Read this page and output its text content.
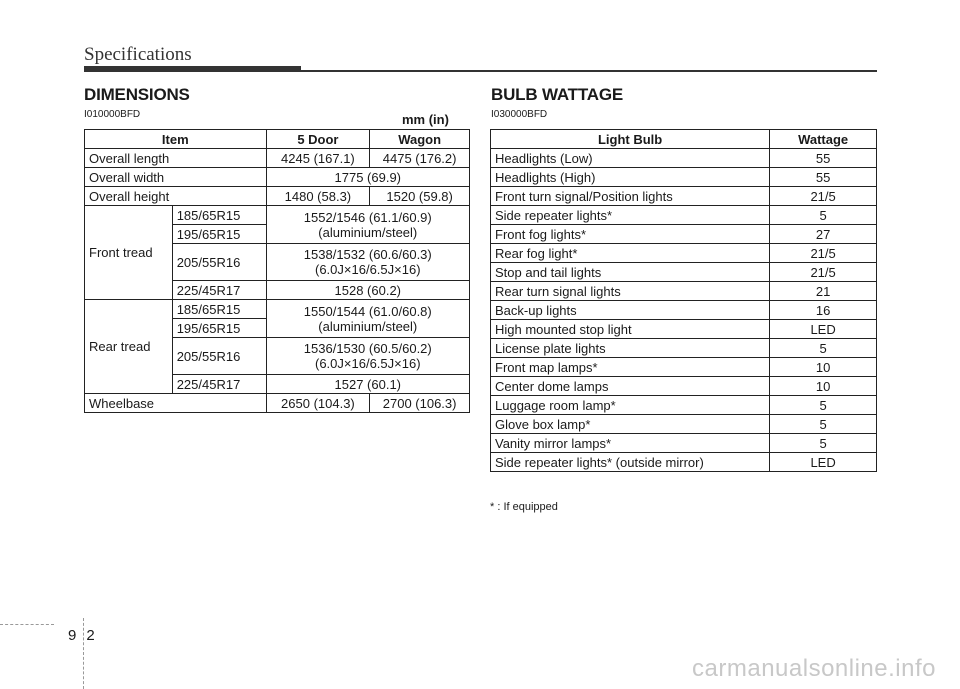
Specifications
DIMENSIONS
I010000BFD	mm (in)
Item		5 Door	Wagon
Overall length		4245 (167.1)	4475 (176.2)
Overall width		1775 (69.9)	
Overall height		1480 (58.3)	1520 (59.8)
Front tread	185/65R15	1552/1546 (61.1/60.9)
(aluminium/steel)	

	195/65R15		
	205/55R16	1538/1532 (60.6/60.3)
(6.0J×16/6.5J×16)	

	225/45R17	1528 (60.2)	
Rear tread	185/65R15	1550/1544 (61.0/60.8)
(aluminium/steel)	

	195/65R15		
	205/55R16	1536/1530 (60.5/60.2)
(6.0J×16/6.5J×16)	

	225/45R17	1527 (60.1)	
Wheelbase		2650 (104.3)	2700 (106.3)
BULB WATTAGE
I030000BFD
Light Bulb	Wattage
Headlights (Low)	55
Headlights (High)	55
Front turn signal/Position lights	21/5
Side repeater lights*	5
Front fog lights*	27
Rear fog light*	21/5
Stop and tail lights	21/5
Rear turn signal lights	21
Back-up lights	16
High mounted stop light	LED
License plate lights	5
Front map lamps*	10
Center dome lamps	10
Luggage room lamp*	5
Glove box lamp*	5
Vanity mirror lamps*	5
Side repeater lights* (outside mirror)	LED
* : If equipped
92
carmanualsonline.info
